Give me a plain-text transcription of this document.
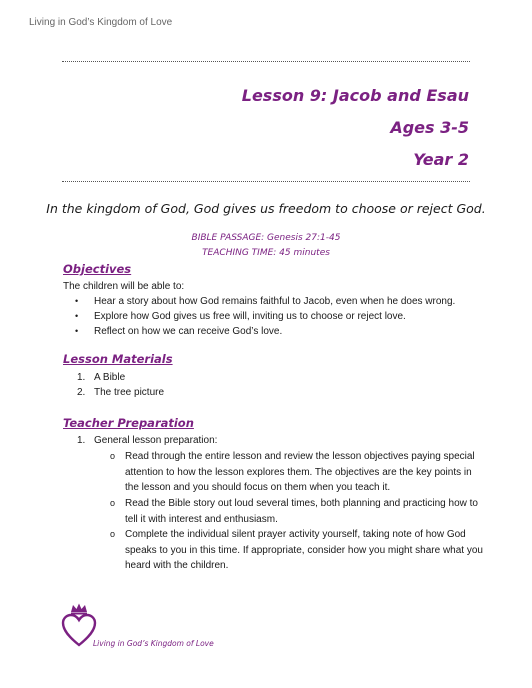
Living in God’s Kingdom of Love
Lesson 9: Jacob and Esau
Ages 3-5
Year 2
In the kingdom of God, God gives us freedom to choose or reject God.
BIBLE PASSAGE: Genesis 27:1-45
TEACHING TIME: 45 minutes
Objectives
The children will be able to:
• Hear a story about how God remains faithful to Jacob, even when he does wrong.
• Explore how God gives us free will, inviting us to choose or reject love.
• Reflect on how we can receive God’s love.
Lesson Materials
1. A Bible
2. The tree picture
Teacher Preparation
1. General lesson preparation:
o Read through the entire lesson and review the lesson objectives paying special
attention to how the lesson explores them. The objectives are the key points in
the lesson and you should focus on them when you teach it.
o Read the Bible story out loud several times, both planning and practicing how to
tell it with interest and enthusiasm.
o Complete the individual silent prayer activity yourself, taking note of how God
speaks to you in this time. If appropriate, consider how you might share what you
heard with the children.
Living in God’s Kingdom of Love
